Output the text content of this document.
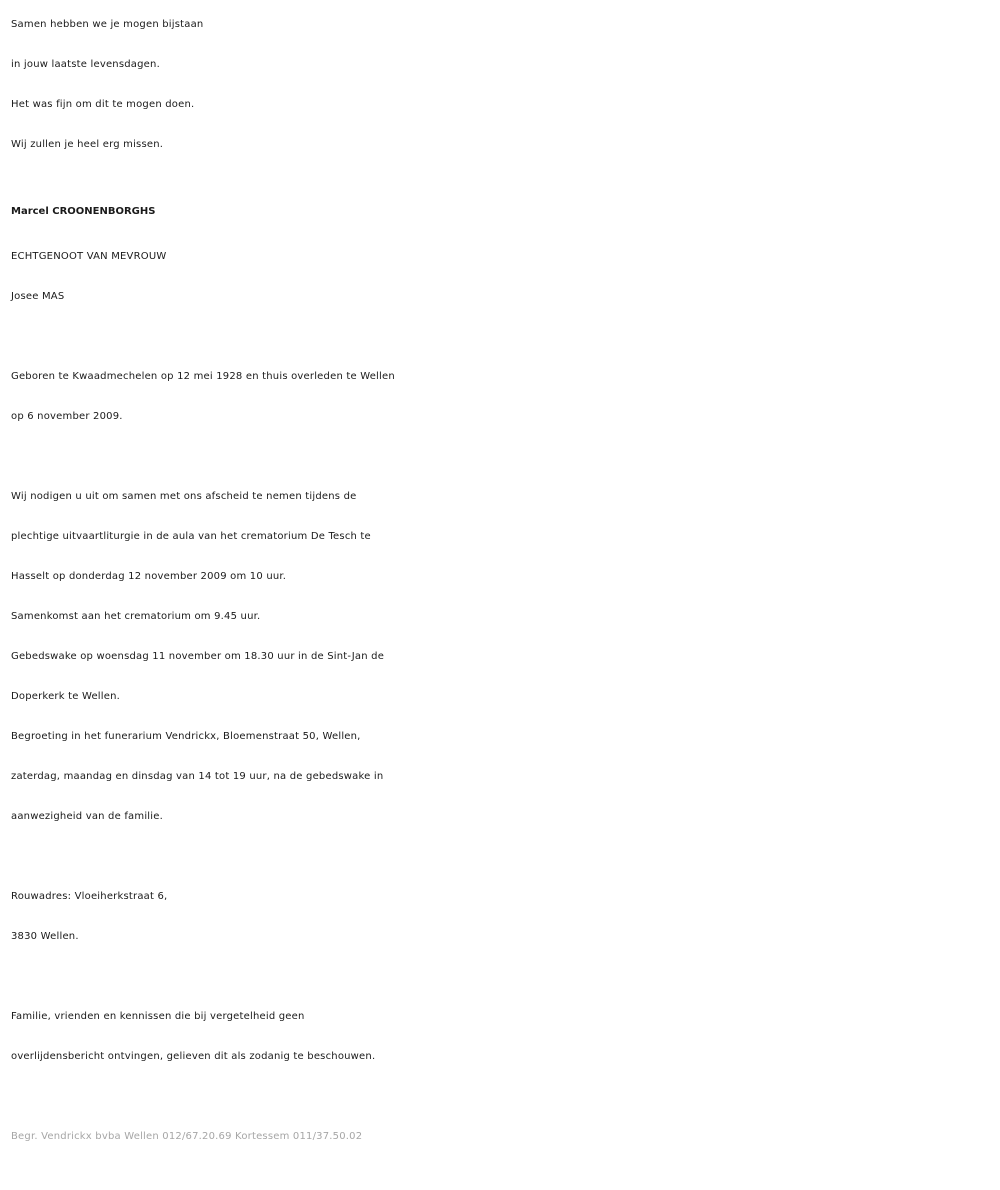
Samen hebben we je mogen bijstaan
in jouw laatste levensdagen.
Het was fijn om dit te mogen doen.
Wij zullen je heel erg missen.
Marcel CROONENBORGHS
ECHTGENOOT VAN MEVROUW
Josee MAS
Geboren te Kwaadmechelen op 12 mei 1928 en thuis overleden te Wellen
op 6 november 2009.
Wij nodigen u uit om samen met ons afscheid te nemen tijdens de
plechtige uitvaartliturgie in de aula van het crematorium De Tesch te
Hasselt op donderdag 12 november 2009 om 10 uur.
Samenkomst aan het crematorium om 9.45 uur.
Gebedswake op woensdag 11 november om 18.30 uur in de Sint-Jan de
Doperkerk te Wellen.
Begroeting in het funerarium Vendrickx, Bloemenstraat 50, Wellen,
zaterdag, maandag en dinsdag van 14 tot 19 uur, na de gebedswake in
aanwezigheid van de familie.
Rouwadres: Vloeiherkstraat 6,
3830 Wellen.
Familie, vrienden en kennissen die bij vergetelheid geen
overlijdensbericht ontvingen, gelieven dit als zodanig te beschouwen.
Begr. Vendrickx bvba Wellen 012/67.20.69 Kortessem 011/37.50.02
